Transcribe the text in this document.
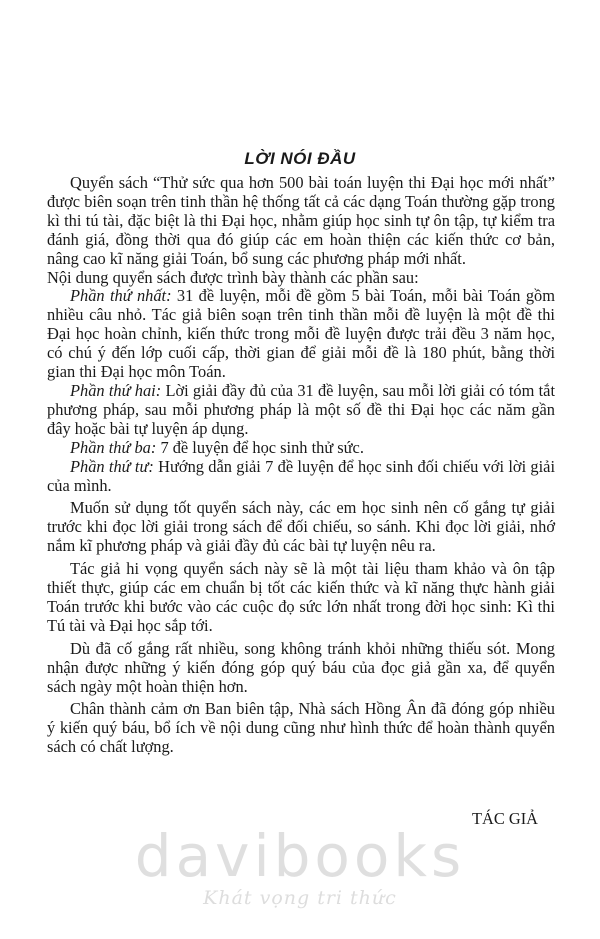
LỜI NÓI ĐẦU

Quyển sách “Thử sức qua hơn 500 bài toán luyện thi Đại học mới nhất” được biên soạn trên tinh thần hệ thống tất cả các dạng Toán thường gặp trong kì thi tú tài, đặc biệt là thi Đại học, nhằm giúp học sinh tự ôn tập, tự kiểm tra đánh giá, đồng thời qua đó giúp các em hoàn thiện các kiến thức cơ bản, nâng cao kĩ năng giải Toán, bổ sung các phương pháp mới nhất.

Nội dung quyển sách được trình bày thành các phần sau:

Phần thứ nhất: 31 đề luyện, mỗi đề gồm 5 bài Toán, mỗi bài Toán gồm nhiều câu nhỏ. Tác giả biên soạn trên tinh thần mỗi đề luyện là một đề thi Đại học hoàn chỉnh, kiến thức trong mỗi đề luyện được trải đều 3 năm học, có chú ý đến lớp cuối cấp, thời gian để giải mỗi đề là 180 phút, bằng thời gian thi Đại học môn Toán.

Phần thứ hai: Lời giải đầy đủ của 31 đề luyện, sau mỗi lời giải có tóm tắt phương pháp, sau mỗi phương pháp là một số đề thi Đại học các năm gần đây hoặc bài tự luyện áp dụng.

Phần thứ ba: 7 đề luyện để học sinh thử sức.

Phần thứ tư: Hướng dẫn giải 7 đề luyện để học sinh đối chiếu với lời giải của mình.

Muốn sử dụng tốt quyển sách này, các em học sinh nên cố gắng tự giải trước khi đọc lời giải trong sách để đối chiếu, so sánh. Khi đọc lời giải, nhớ nắm kĩ phương pháp và giải đầy đủ các bài tự luyện nêu ra.

Tác giả hi vọng quyển sách này sẽ là một tài liệu tham khảo và ôn tập thiết thực, giúp các em chuẩn bị tốt các kiến thức và kĩ năng thực hành giải Toán trước khi bước vào các cuộc đọ sức lớn nhất trong đời học sinh: Kì thi Tú tài và Đại học sắp tới.

Dù đã cố gắng rất nhiều, song không tránh khỏi những thiếu sót. Mong nhận được những ý kiến đóng góp quý báu của đọc giả gần xa, để quyển sách ngày một hoàn thiện hơn.

Chân thành cảm ơn Ban biên tập, Nhà sách Hồng Ân đã đóng góp nhiều ý kiến quý báu, bổ ích về nội dung cũng như hình thức để hoàn thành quyển sách có chất lượng.

TÁC GIẢ
davibooks
Khát vọng tri thức
